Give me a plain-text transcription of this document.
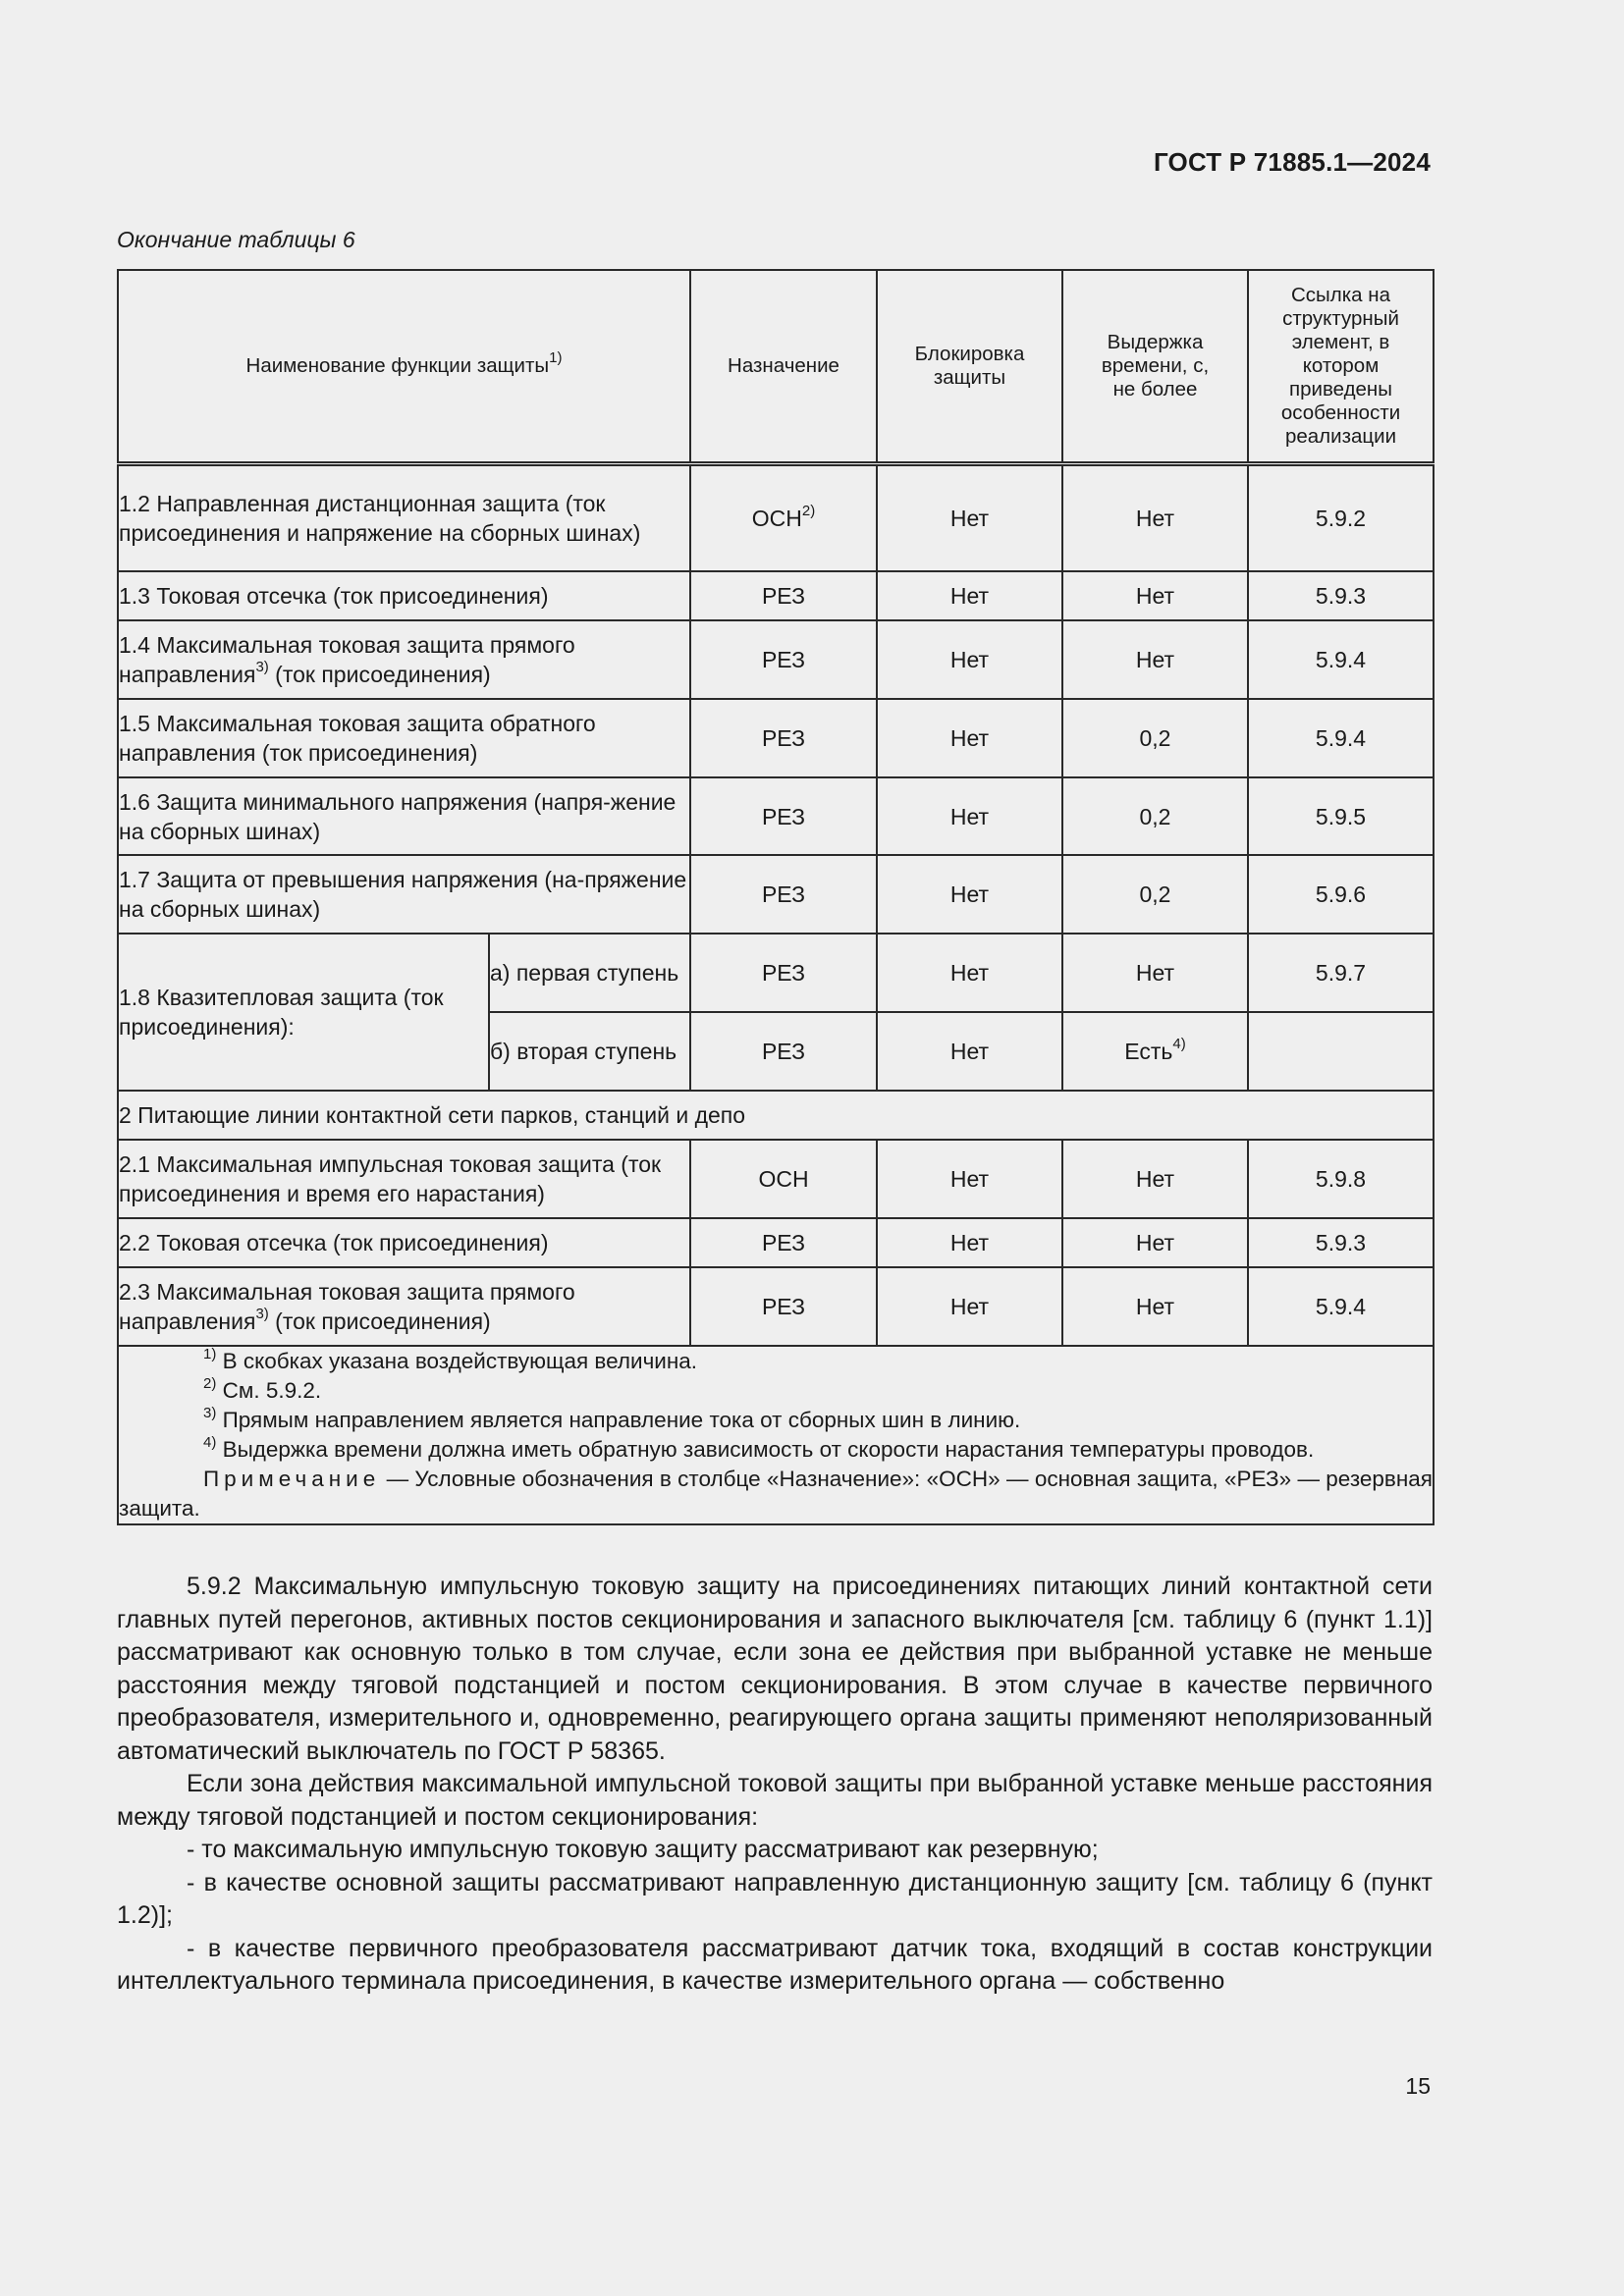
ГОСТ Р 71885.1—2024
Окончание таблицы 6
Наименование функции защиты$^{1)}$		Назначение	Блокировка защиты	Выдержка времени, с, не более	Ссылка на структурный элемент, в котором приведены особенности реализации
1.2 Направленная дистанционная защита (ток присоединения и напряжение на сборных шинах)		ОСН$^{2)}$	Нет	Нет	5.9.2
1.3 Токовая отсечка (ток присоединения)		РЕЗ	Нет	Нет	5.9.3
1.4 Максимальная токовая защита прямого направления$^{3)}$ (ток присоединения)		РЕЗ	Нет	Нет	5.9.4
1.5 Максимальная токовая защита обратного направления (ток присоединения)		РЕЗ	Нет	0,2	5.9.4
1.6 Защита минимального напряжения (напря-жение на сборных шинах)		РЕЗ	Нет	0,2	5.9.5
1.7 Защита от превышения напряжения (на-пряжение на сборных шинах)		РЕЗ	Нет	0,2	5.9.6
1.8 Квазитепловая защита (ток присоединения):	а) первая ступень	РЕЗ	Нет	Нет	5.9.7
	б) вторая ступень	РЕЗ	Нет	Есть$^{4)}$	
2 Питающие линии контактной сети парков, станций и депо					
2.1 Максимальная импульсная токовая защита (ток присоединения и время его нарастания)		ОСН	Нет	Нет	5.9.8
2.2 Токовая отсечка (ток присоединения)		РЕЗ	Нет	Нет	5.9.3
2.3 Максимальная токовая защита прямого направления$^{3)}$ (ток присоединения)		РЕЗ	Нет	Нет	5.9.4

$^{1)}$ В скобках указана воздействующая величина.
$^{2)}$ См. 5.9.2.
$^{3)}$ Прямым направлением является направление тока от сборных шин в линию.
$^{4)}$ Выдержка времени должна иметь обратную зависимость от скорости нарастания температуры проводов.
Примечание — Условные обозначения в столбце «Назначение»: «ОСН» — основная защита, «РЕЗ» — резервная защита.					

5.9.2 Максимальную импульсную токовую защиту на присоединениях питающих линий контактной сети главных путей перегонов, активных постов секционирования и запасного выключателя [см. таблицу 6 (пункт 1.1)] рассматривают как основную только в том случае, если зона ее действия при выбранной уставке не меньше расстояния между тяговой подстанцией и постом секционирования. В этом случае в качестве первичного преобразователя, измерительного и, одновременно, реагирующего органа защиты применяют неполяризованный автоматический выключатель по ГОСТ Р 58365.

Если зона действия максимальной импульсной токовой защиты при выбранной уставке меньше расстояния между тяговой подстанцией и постом секционирования:

- то максимальную импульсную токовую защиту рассматривают как резервную;

- в качестве основной защиты рассматривают направленную дистанционную защиту [см. таблицу 6 (пункт 1.2)];

- в качестве первичного преобразователя рассматривают датчик тока, входящий в состав конструкции интеллектуального терминала присоединения, в качестве измерительного органа — собственно

15
